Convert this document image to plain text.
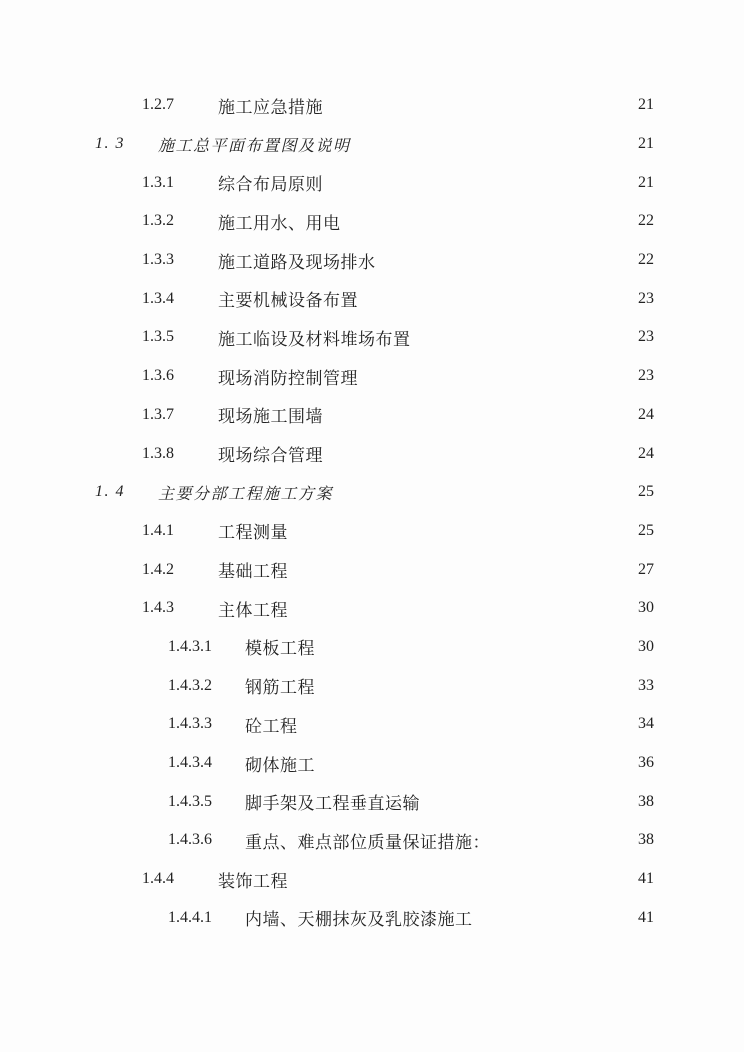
1.2.7	施工应急措施	21
1. 3	施工总平面布置图及说明	21
1.3.1	综合布局原则	21
1.3.2	施工用水、用电	22
1.3.3	施工道路及现场排水	22
1.3.4	主要机械设备布置	23
1.3.5	施工临设及材料堆场布置	23
1.3.6	现场消防控制管理	23
1.3.7	现场施工围墙	24
1.3.8	现场综合管理	24
1. 4	主要分部工程施工方案	25
1.4.1	工程测量	25
1.4.2	基础工程	27
1.4.3	主体工程	30
1.4.3.1	模板工程	30
1.4.3.2	钢筋工程	33
1.4.3.3	砼工程	34
1.4.3.4	砌体施工	36
1.4.3.5	脚手架及工程垂直运输	38
1.4.3.6	重点、难点部位质量保证措施：	38
1.4.4	装饰工程	41
1.4.4.1	内墙、天棚抹灰及乳胶漆施工	41
